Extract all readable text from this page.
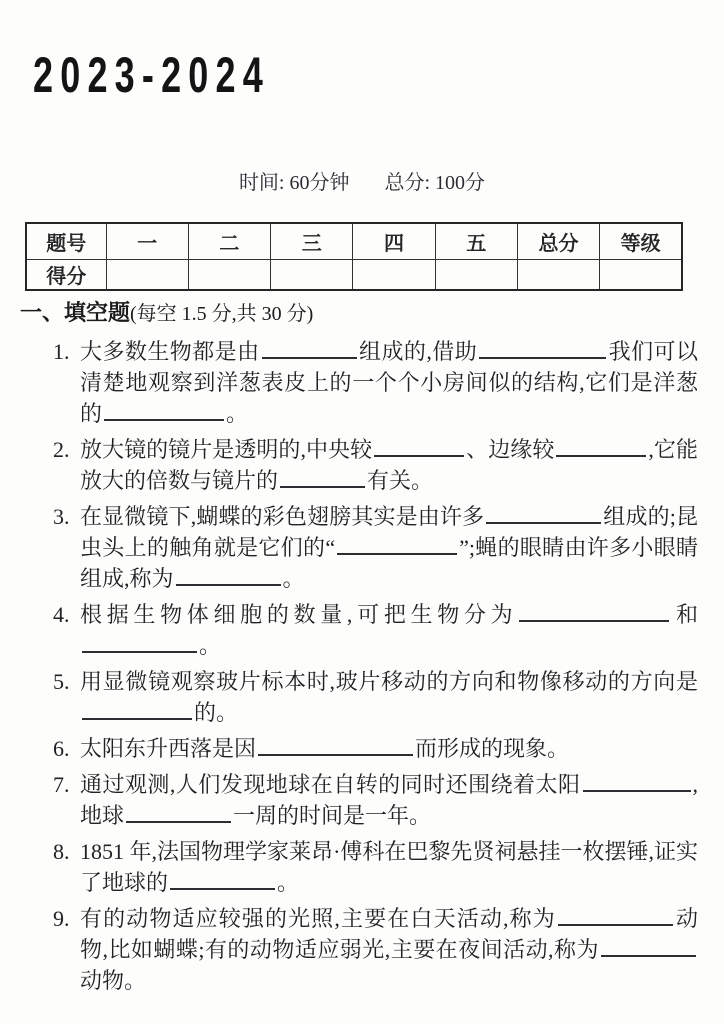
2023-2024
时间: 60分钟 总分: 100分
题号	一	二	三	四	五	总分	等级
得分							
一、填空题(每空 1.5 分,共 30 分)
1. 大多数生物都是由	组成的,借助	我们可以清楚地观察到洋葱表皮上的一个个小房间似的结构,它们是洋葱的	。
2. 放大镜的镜片是透明的,中央较	、边缘较	,它能放大的倍数与镜片的	有关。
3. 在显微镜下,蝴蝶的彩色翅膀其实是由许多	组成的;昆虫头上的触角就是它们的“	”;蝇的眼睛由许多小眼睛组成,称为	。
4. 根据生物体细胞的数量,可把生物分为	和。
5. 用显微镜观察玻片标本时,玻片移动的方向和物像移动的方向是的。
6. 太阳东升西落是因	而形成的现象。
7. 通过观测,人们发现地球在自转的同时还围绕着太阳	,地球	一周的时间是一年。
8. 1851 年,法国物理学家莱昂·傅科在巴黎先贤祠悬挂一枚摆锤,证实了地球的	。
9. 有的动物适应较强的光照,主要在白天活动,称为	动物,比如蝴蝶;有的动物适应弱光,主要在夜间活动,称为动物。
